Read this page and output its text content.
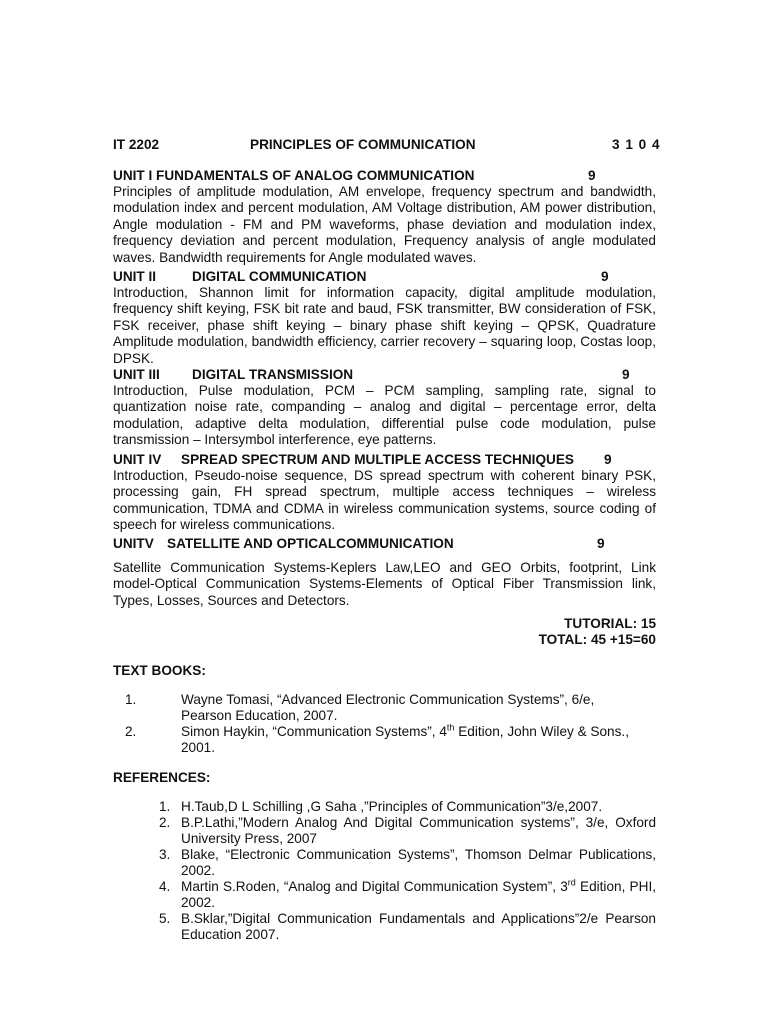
IT 2202	PRINCIPLES OF COMMUNICATION	3 1 0 4
UNIT I FUNDAMENTALS OF ANALOG COMMUNICATION	9
Principles of amplitude modulation, AM envelope, frequency spectrum and bandwidth, modulation index and percent modulation, AM Voltage distribution, AM power distribution, Angle modulation - FM and PM waveforms, phase deviation and modulation index, frequency deviation and percent modulation, Frequency analysis of angle modulated waves. Bandwidth requirements for Angle modulated waves.
UNIT II	DIGITAL COMMUNICATION	9
Introduction, Shannon limit for information capacity, digital amplitude modulation, frequency shift keying, FSK bit rate and baud, FSK transmitter, BW consideration of FSK, FSK receiver, phase shift keying – binary phase shift keying – QPSK, Quadrature Amplitude modulation, bandwidth efficiency, carrier recovery – squaring loop, Costas loop, DPSK.
UNIT III DIGITAL TRANSMISSION	9
Introduction, Pulse modulation, PCM – PCM sampling, sampling rate, signal to quantization noise rate, companding – analog and digital – percentage error, delta modulation, adaptive delta modulation, differential pulse code modulation, pulse transmission – Intersymbol interference, eye patterns.
UNIT IV SPREAD SPECTRUM AND MULTIPLE ACCESS TECHNIQUES 9
Introduction, Pseudo-noise sequence, DS spread spectrum with coherent binary PSK, processing gain, FH spread spectrum, multiple access techniques – wireless communication, TDMA and CDMA in wireless communication systems, source coding of speech for wireless communications.
UNITV SATELLITE AND OPTICALCOMMUNICATION	9
Satellite Communication Systems-Keplers Law,LEO and GEO Orbits, footprint, Link model-Optical Communication Systems-Elements of Optical Fiber Transmission link, Types, Losses, Sources and Detectors.
TUTORIAL: 15
TOTAL: 45 +15=60
TEXT BOOKS:
1.	Wayne Tomasi, “Advanced Electronic Communication Systems”, 6/e,
Pearson Education, 2007.
2.	Simon Haykin, “Communication Systems”, 4th Edition, John Wiley & Sons.,
2001.
REFERENCES:
1. H.Taub,D L Schilling ,G Saha ,”Principles of Communication”3/e,2007.
2. B.P.Lathi,”Modern Analog And Digital Communication systems”, 3/e, Oxford University Press, 2007
3. Blake, “Electronic Communication Systems”, Thomson Delmar Publications, 2002.
4. Martin S.Roden, “Analog and Digital Communication System”, 3rd Edition, PHI, 2002.
5. B.Sklar,”Digital Communication Fundamentals and Applications”2/e Pearson Education 2007.
